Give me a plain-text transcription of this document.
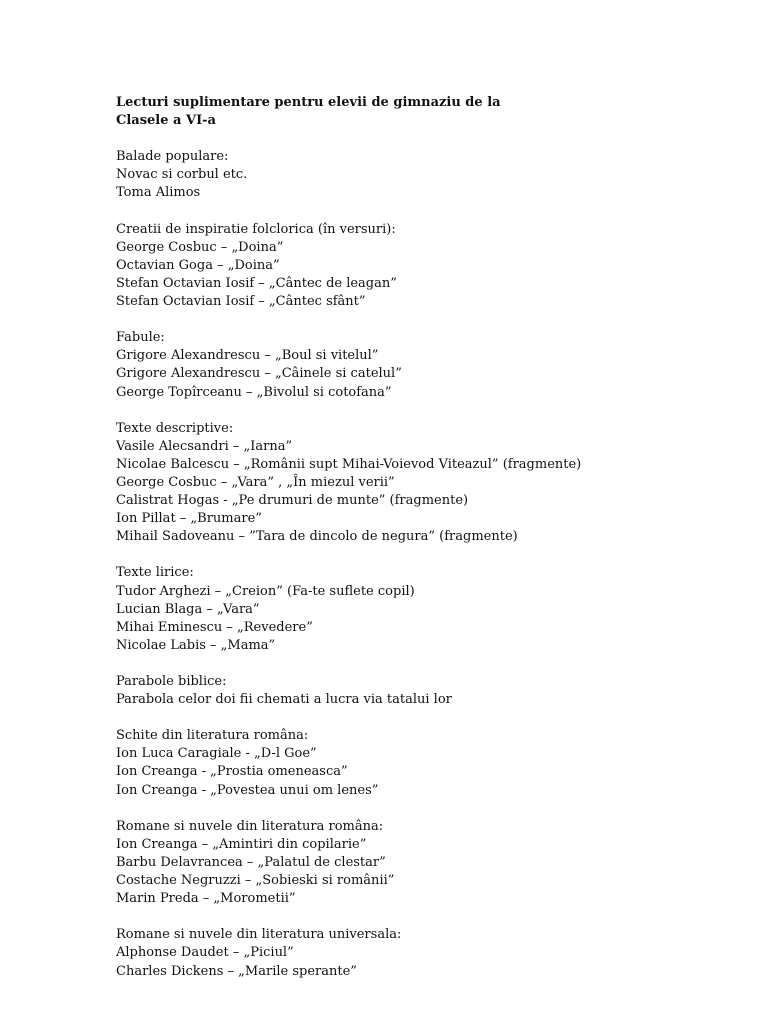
Lecturi suplimentare pentru elevii de gimnaziu de la
Clasele a VI-a
Balade populare:
Novac si corbul etc.
Toma Alimos
Creatii de inspiratie folclorica (în versuri):
George Cosbuc – „Doina”
Octavian Goga – „Doina”
Stefan Octavian Iosif – „Cântec de leagan”
Stefan Octavian Iosif – „Cântec sfânt”
Fabule:
Grigore Alexandrescu – „Boul si vitelul”
Grigore Alexandrescu – „Câinele si catelul”
George Topîrceanu – „Bivolul si cotofana”
Texte descriptive:
Vasile Alecsandri – „Iarna”
Nicolae Balcescu – „Românii supt Mihai-Voievod Viteazul” (fragmente)
George Cosbuc – „Vara” , „În miezul verii”
Calistrat Hogas - „Pe drumuri de munte” (fragmente)
Ion Pillat – „Brumare”
Mihail Sadoveanu – ”Tara de dincolo de negura” (fragmente)
Texte lirice:
Tudor Arghezi – „Creion” (Fa-te suflete copil)
Lucian Blaga – „Vara”
Mihai Eminescu – „Revedere”
Nicolae Labis – „Mama”
Parabole biblice:
Parabola celor doi fii chemati a lucra via tatalui lor
Schite din literatura româna:
Ion Luca Caragiale - „D-l Goe”
Ion Creanga - „Prostia omeneasca”
Ion Creanga - „Povestea unui om lenes”
Romane si nuvele din literatura româna:
Ion Creanga – „Amintiri din copilarie”
Barbu Delavrancea – „Palatul de clestar”
Costache Negruzzi – „Sobieski si românii”
Marin Preda – „Morometii”
Romane si nuvele din literatura universala:
Alphonse Daudet – „Piciul”
Charles Dickens – „Marile sperante”
